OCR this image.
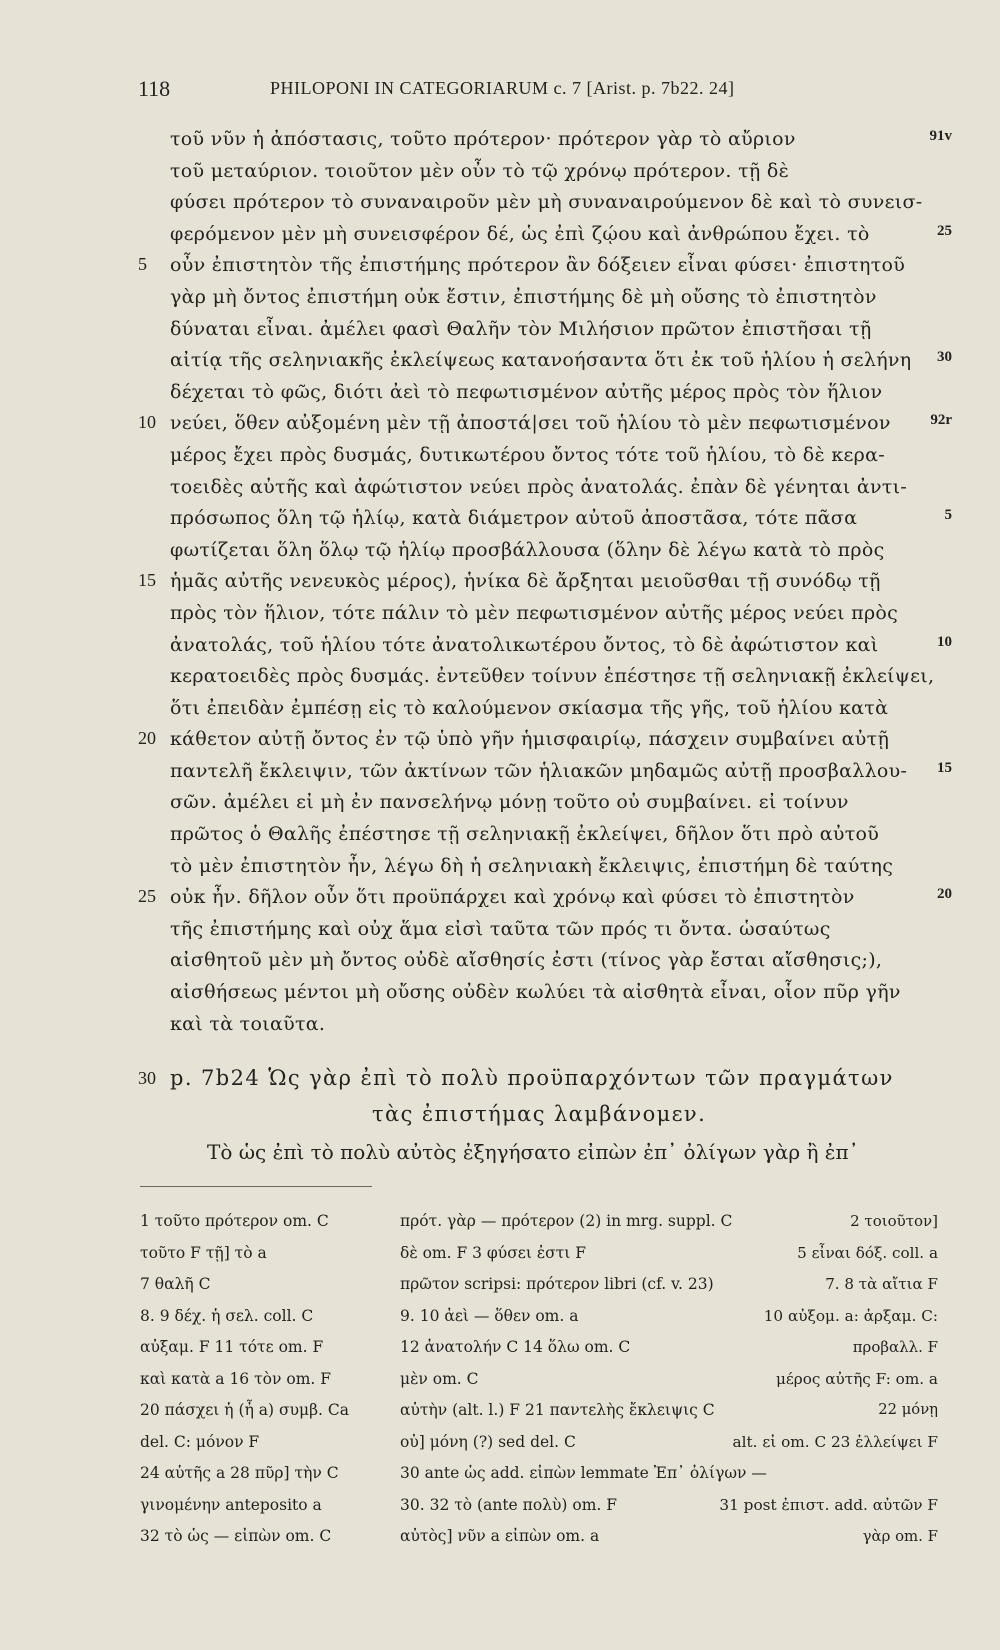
118	PHILOPONI IN CATEGORIARUM c. 7 [Arist. p. 7b22. 24]
τοῦ νῦν ἡ ἀπόστασις, τοῦτο πρότερον· πρότερον γὰρ τὸ αὔριον	91v
τοῦ μεταύριον. τοιοῦτον μὲν οὖν τὸ τῷ χρόνῳ πρότερον. τῇ δὲ
φύσει πρότερον τὸ συναναιροῦν μὲν μὴ συναναιρούμενον δὲ καὶ τὸ συνεισ-
φερόμενον μὲν μὴ συνεισφέρον δέ, ὡς ἐπὶ ζῴου καὶ ἀνθρώπου ἔχει. τὸ	25
5 οὖν ἐπιστητὸν τῆς ἐπιστήμης πρότερον ἂν δόξειεν εἶναι φύσει· ἐπιστητοῦ
γὰρ μὴ ὄντος ἐπιστήμη οὐκ ἔστιν, ἐπιστήμης δὲ μὴ οὔσης τὸ ἐπιστητὸν
δύναται εἶναι. ἀμέλει φασὶ Θαλῆν τὸν Μιλήσιον πρῶτον ἐπιστῆσαι τῇ
αἰτίᾳ τῆς σεληνιακῆς ἐκλείψεως κατανοήσαντα ὅτι ἐκ τοῦ ἡλίου ἡ σελήνη 30
δέχεται τὸ φῶς, διότι ἀεὶ τὸ πεφωτισμένον αὐτῆς μέρος πρὸς τὸν ἥλιον
10 νεύει, ὅθεν αὐξομένη μὲν τῇ ἀποστά|σει τοῦ ἡλίου τὸ μὲν πεφωτισμένον	92r
μέρος ἔχει πρὸς δυσμάς, δυτικωτέρου ὄντος τότε τοῦ ἡλίου, τὸ δὲ κερα-
τοειδὲς αὐτῆς καὶ ἀφώτιστον νεύει πρὸς ἀνατολάς. ἐπὰν δὲ γένηται ἀντι-
πρόσωπος ὅλη τῷ ἡλίῳ, κατὰ διάμετρον αὐτοῦ ἀποστᾶσα, τότε πᾶσα	5
φωτίζεται ὅλη ὅλῳ τῷ ἡλίῳ προσβάλλουσα (ὅλην δὲ λέγω κατὰ τὸ πρὸς
15 ἡμᾶς αὐτῆς νενευκὸς μέρος), ἡνίκα δὲ ἄρξηται μειοῦσθαι τῇ συνόδῳ τῇ
πρὸς τὸν ἥλιον, τότε πάλιν τὸ μὲν πεφωτισμένον αὐτῆς μέρος νεύει πρὸς
ἀνατολάς, τοῦ ἡλίου τότε ἀνατολικωτέρου ὄντος, τὸ δὲ ἀφώτιστον καὶ	10
κερατοειδὲς πρὸς δυσμάς. ἐντεῦθεν τοίνυν ἐπέστησε τῇ σεληνιακῇ ἐκλείψει,
ὅτι ἐπειδὰν ἐμπέσῃ εἰς τὸ καλούμενον σκίασμα τῆς γῆς, τοῦ ἡλίου κατὰ
20 κάθετον αὐτῇ ὄντος ἐν τῷ ὑπὸ γῆν ἡμισφαιρίῳ, πάσχειν συμβαίνει αὐτῇ
παντελῆ ἔκλειψιν, τῶν ἀκτίνων τῶν ἡλιακῶν μηδαμῶς αὐτῇ προσβαλλου- 15
σῶν. ἀμέλει εἰ μὴ ἐν πανσελήνῳ μόνῃ τοῦτο οὐ συμβαίνει. εἰ τοίνυν
πρῶτος ὁ Θαλῆς ἐπέστησε τῇ σεληνιακῇ ἐκλείψει, δῆλον ὅτι πρὸ αὐτοῦ
τὸ μὲν ἐπιστητὸν ἦν, λέγω δὴ ἡ σεληνιακὴ ἔκλειψις, ἐπιστήμη δὲ ταύτης
25 οὐκ ἦν. δῆλον οὖν ὅτι προϋπάρχει καὶ χρόνῳ καὶ φύσει τὸ ἐπιστητὸν	20
τῆς ἐπιστήμης καὶ οὐχ ἅμα εἰσὶ ταῦτα τῶν πρός τι ὄντα. ὡσαύτως
αἰσθητοῦ μὲν μὴ ὄντος οὐδὲ αἴσθησίς ἐστι (τίνος γὰρ ἔσται αἴσθησις;),
αἰσθήσεως μέντοι μὴ οὔσης οὐδὲν κωλύει τὰ αἰσθητὰ εἶναι, οἷον πῦρ γῆν
καὶ τὰ τοιαῦτα.
30 p. 7b24 Ὡς γὰρ ἐπὶ τὸ πολὺ προϋπαρχόντων τῶν πραγμάτων
τὰς ἐπιστήμας λαμβάνομεν.
Τὸ ὡς ἐπὶ τὸ πολὺ αὐτὸς ἐξηγήσατο εἰπὼν ἐπ᾽ ὀλίγων γὰρ ἢ ἐπ᾽
1 τοῦτο πρότερον om. C	πρότ. γὰρ — πρότερον (2) in mrg. suppl. C	2 τοιοῦτον]
τοῦτο F τῇ] τὸ a	δὲ om. F 3 φύσει ἐστι F	5 εἶναι δόξ. coll. a
7 θαλῆ C	πρῶτον scripsi: πρότερον libri (cf. v. 23)	7. 8 τὰ αἴτια F
8. 9 δέχ. ἡ σελ. coll. C	9. 10 ἀεὶ — ὅθεν om. a	10 αὐξομ. a: ἀρξαμ. C:
αὐξαμ. F 11 τότε om. F	12 ἀνατολήν C 14 ὅλω om. C	προβαλλ. F
καὶ κατὰ a 16 τὸν om. F	μὲν om. C	μέρος αὐτῆς F: om. a
20 πάσχει ἡ (ἦ a) συμβ. Ca	αὐτὴν (alt. l.) F 21 παντελὴς ἔκλειψις C	22 μόνῃ
del. C: μόνον F	οὐ] μόνη (?) sed del. C	alt. εἰ om. C 23 ἐλλείψει F
24 αὐτῆς a 28 πῦρ] τὴν C	30 ante ὡς add. εἰπὼν lemmate Ἐπ᾽ ὀλίγων —
γινομένην anteposito a	30. 32 τὸ (ante πολὺ) om. F	31 post ἐπιστ. add. αὐτῶν F
32 τὸ ὡς — εἰπὼν om. C	αὐτὸς] νῦν a εἰπὼν om. a	γὰρ om. F
